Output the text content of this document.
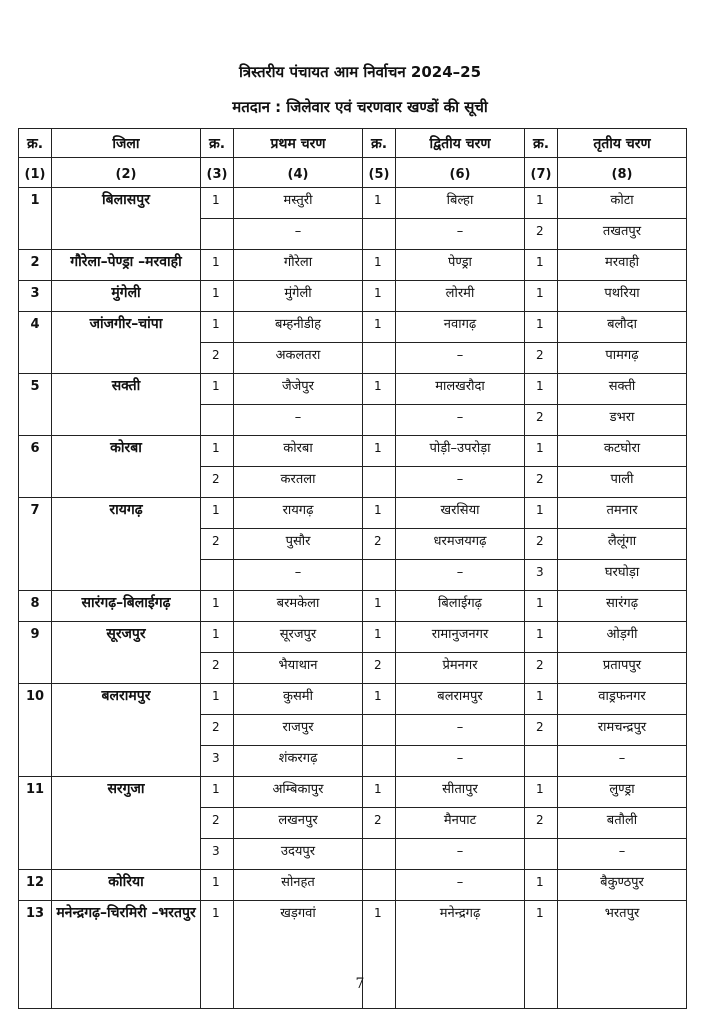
त्रिस्तरीय पंचायत आम निर्वाचन 2024–25
मतदान : जिलेवार एवं चरणवार खण्डों की सूची
क्र.	जिला	क्र.	प्रथम चरण	क्र.	द्वितीय चरण	क्र.	तृतीय चरण
(1)	(2)	(3)	(4)	(5)	(6)	(7)	(8)
1	बिलासपुर	1	मस्तुरी	1	बिल्हा	1	कोटा
			–		–	2	तखतपुर
2	गौरेला–पेण्ड्रा –मरवाही	1	गौरेला	1	पेण्ड्रा	1	मरवाही
3	मुंगेली	1	मुंगेली	1	लोरमी	1	पथरिया
4	जांजगीर–चांपा	1	बम्हनीडीह	1	नवागढ़	1	बलौदा
		2	अकलतरा		–	2	पामगढ़
5	सक्ती	1	जैजेपुर	1	मालखरौदा	1	सक्ती
			–		–	2	डभरा
6	कोरबा	1	कोरबा	1	पोड़ी–उपरोड़ा	1	कटघोरा
		2	करतला		–	2	पाली
7	रायगढ़	1	रायगढ़	1	खरसिया	1	तमनार
		2	पुसौर	2	धरमजयगढ़	2	लैलूंगा
			–		–	3	घरघोड़ा
8	सारंगढ़–बिलाईगढ़	1	बरमकेला	1	बिलाईगढ़	1	सारंगढ़
9	सूरजपुर	1	सूरजपुर	1	रामानुजनगर	1	ओड़गी
		2	भैयाथान	2	प्रेमनगर	2	प्रतापपुर
10	बलरामपुर	1	कुसमी	1	बलरामपुर	1	वाड्रफनगर
		2	राजपुर		–	2	रामचन्द्रपुर
		3	शंकरगढ़		–		–
11	सरगुजा	1	अम्बिकापुर	1	सीतापुर	1	लुण्ड्रा
		2	लखनपुर	2	मैनपाट	2	बतौली
		3	उदयपुर		–		–
12	कोरिया	1	सोनहत		–	1	बैकुण्ठपुर
13	मनेन्द्रगढ़–चिरमिरी –भरतपुर	1	खड़गवां	1	मनेन्द्रगढ़	1	भरतपुर
7
